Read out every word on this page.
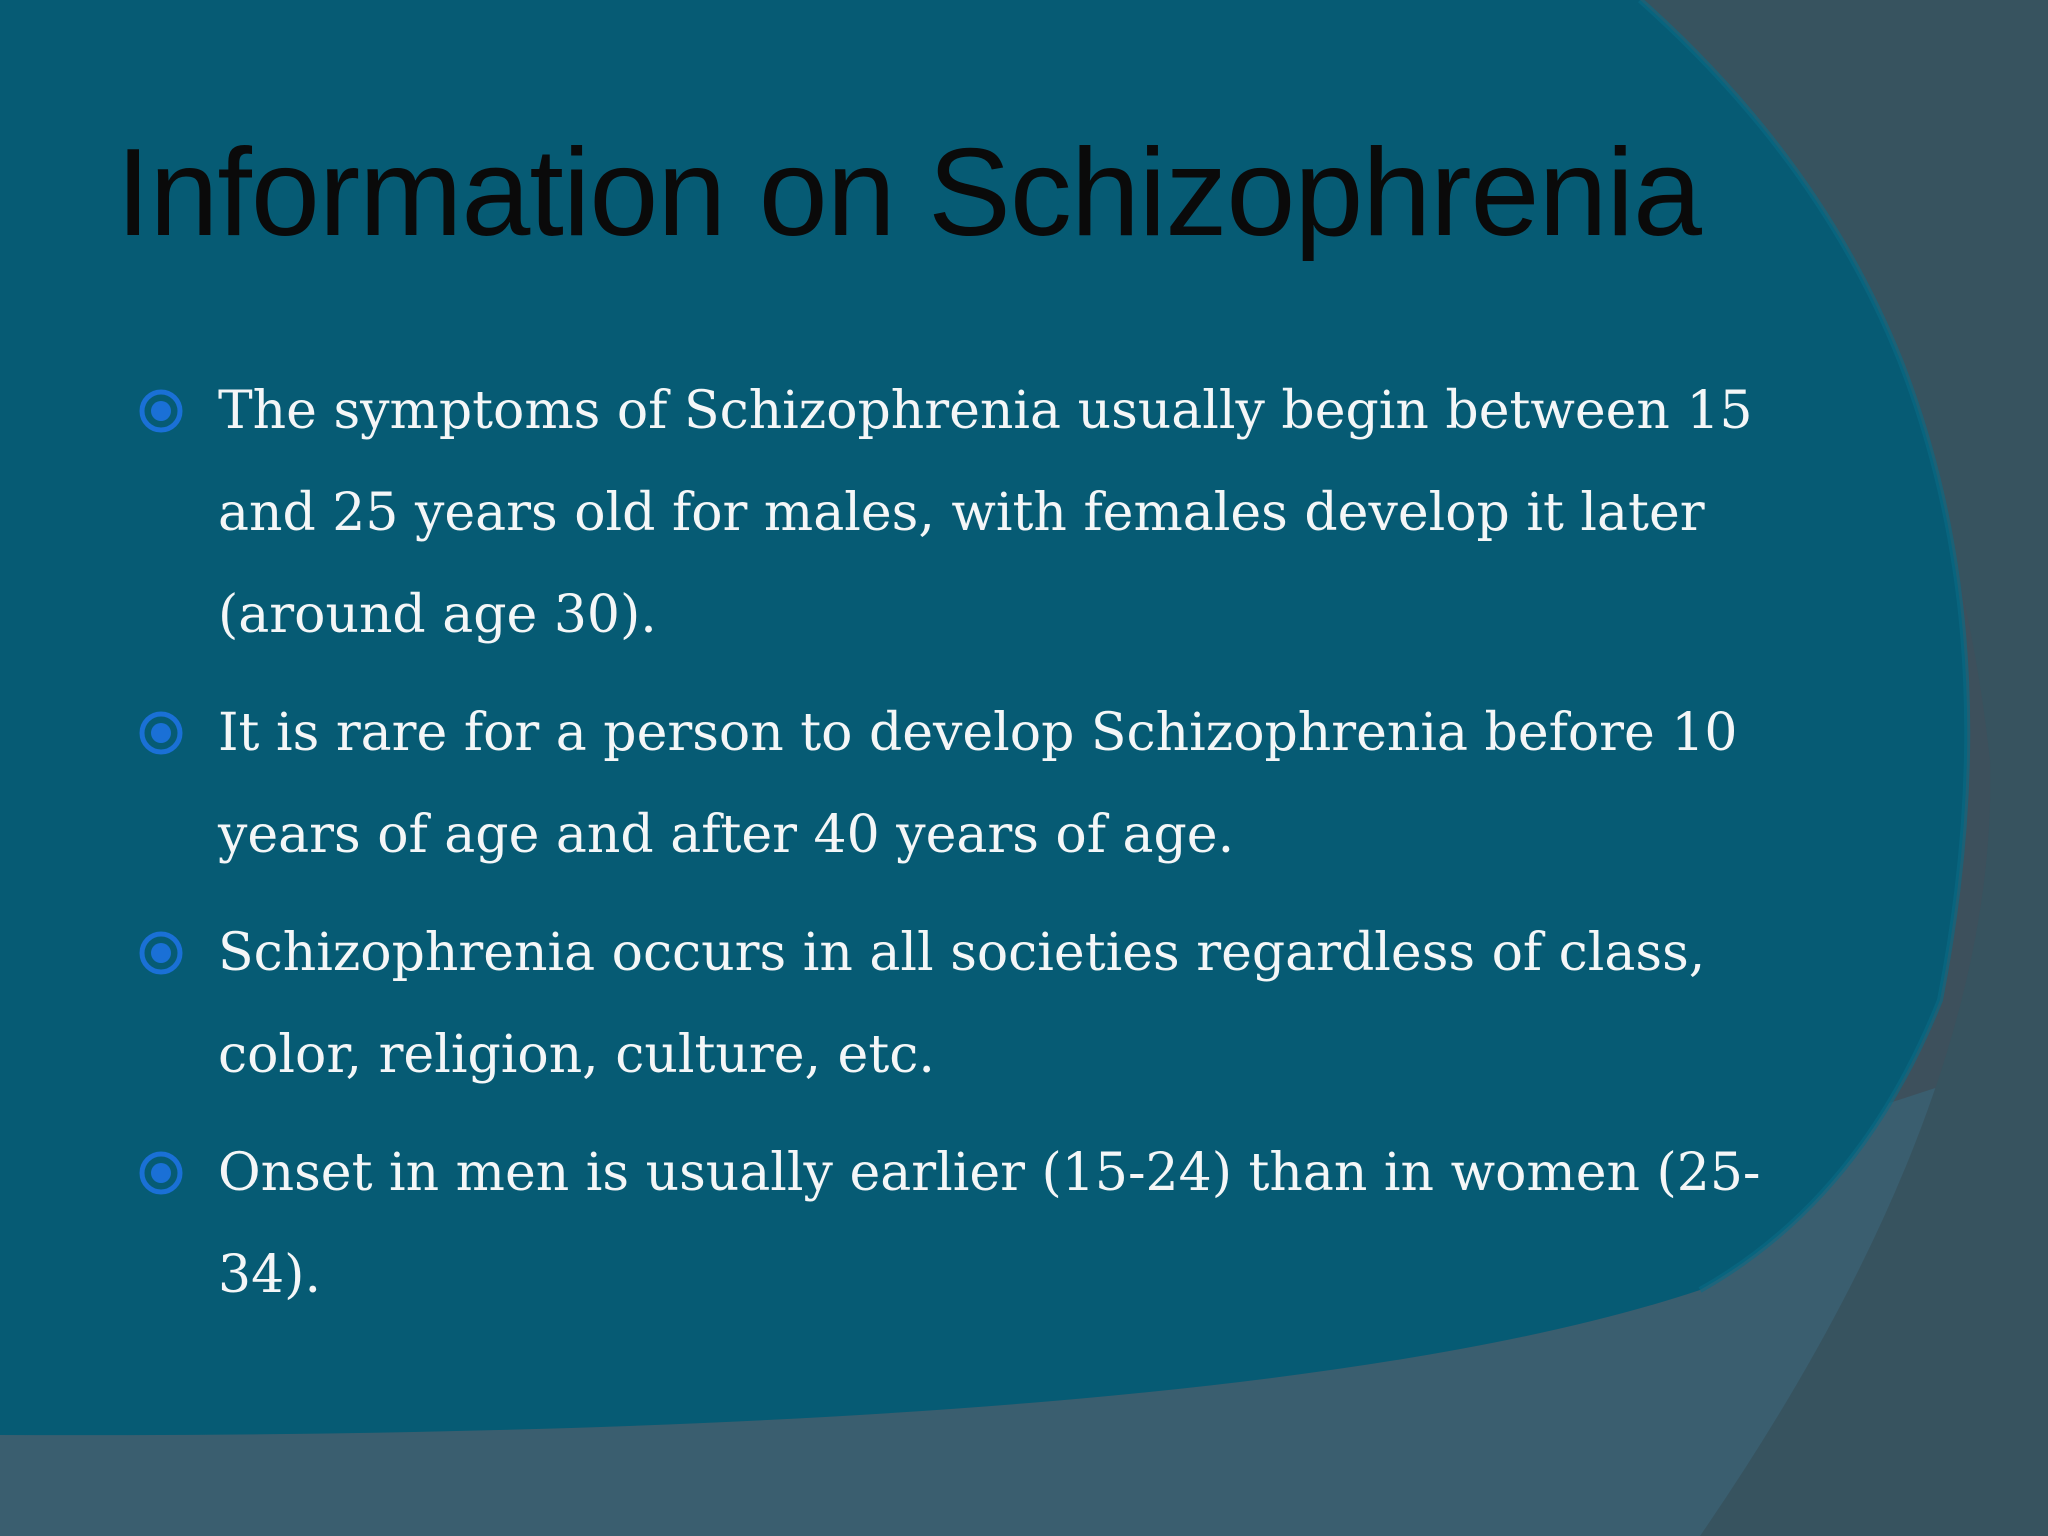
Information on Schizophrenia
The symptoms of Schizophrenia usually begin between 15 and 25 years old for males, with females develop it later (around age 30).
It is rare for a person to develop Schizophrenia before 10 years of age and after 40 years of age.
Schizophrenia occurs in all societies regardless of class, color, religion, culture, etc.
Onset in men is usually earlier (15-24) than in women (25-34).
